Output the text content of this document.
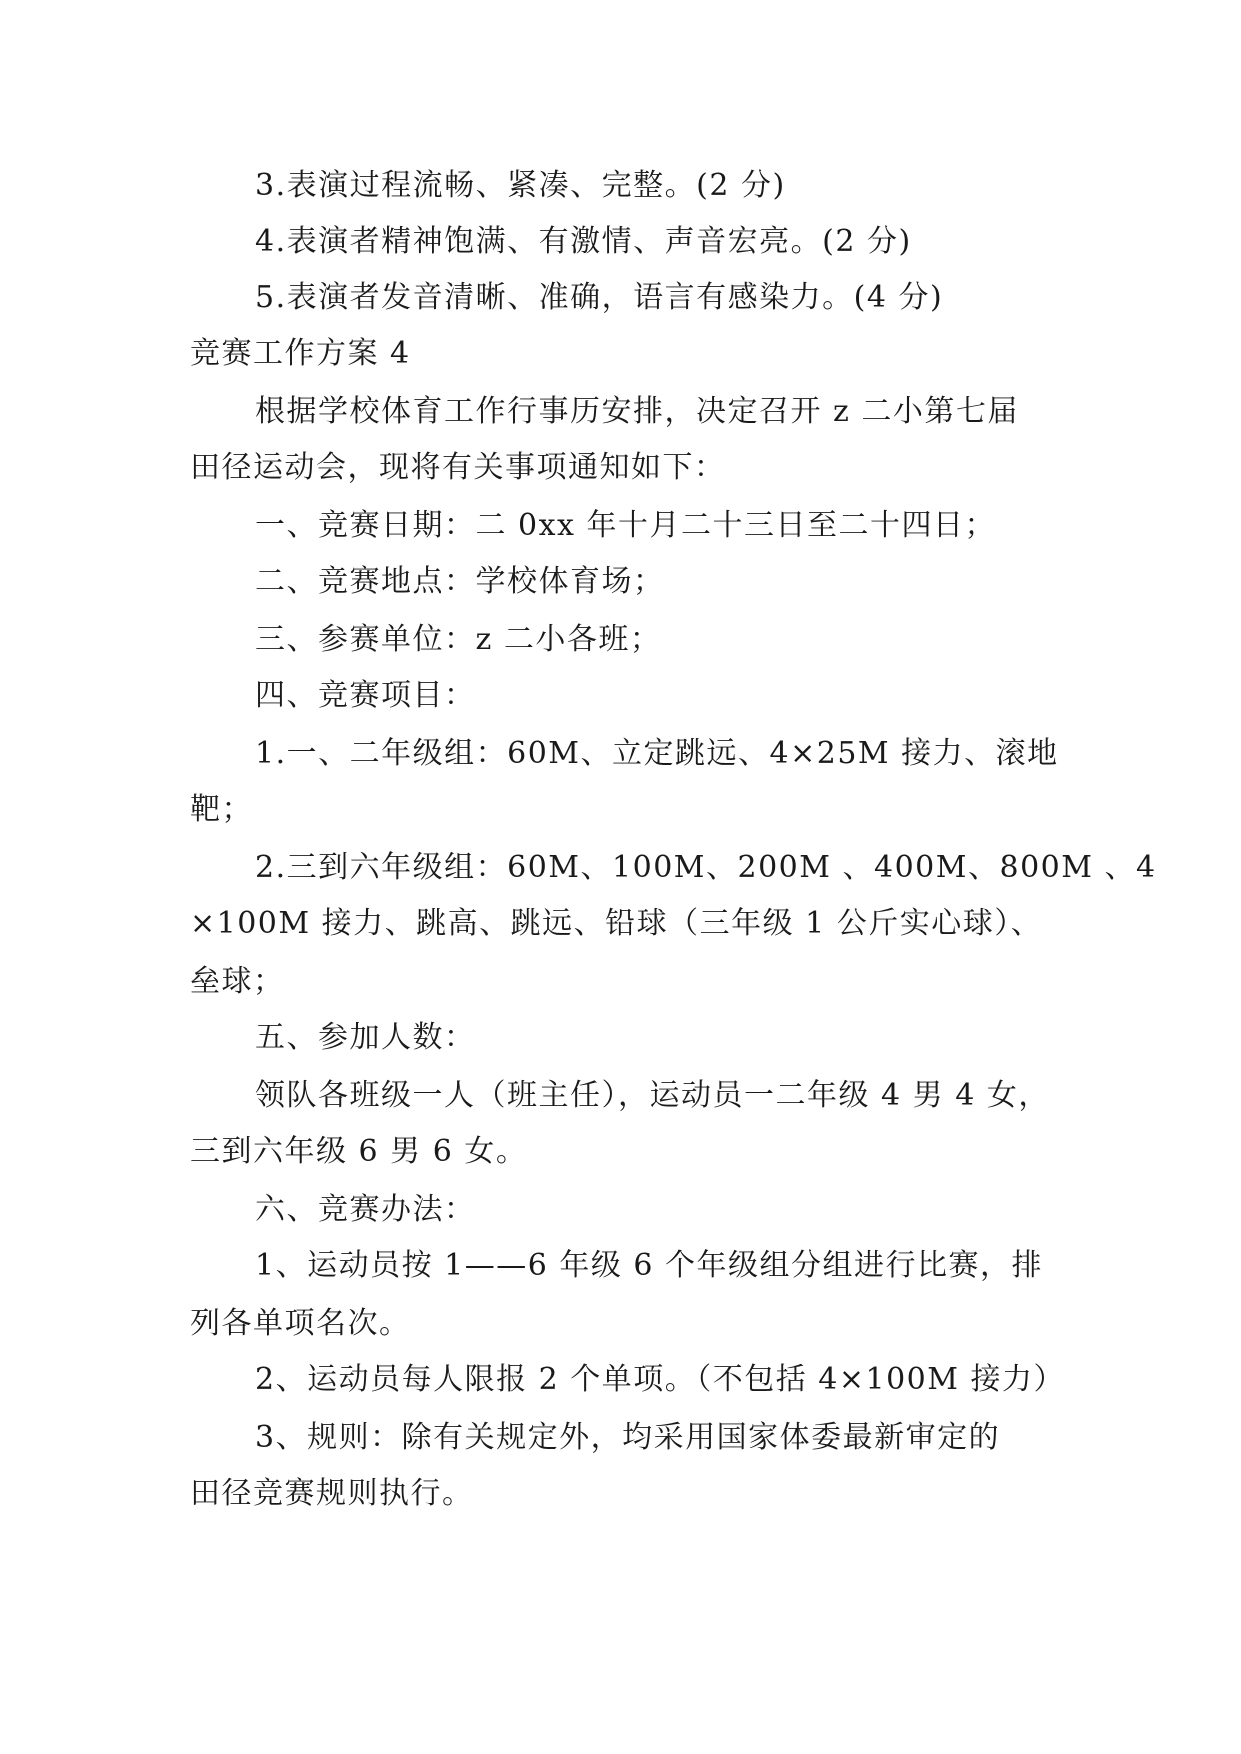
3.表演过程流畅、紧凑、完整。(2 分)
4.表演者精神饱满、有激情、声音宏亮。(2 分)
5.表演者发音清晰、准确，语言有感染力。(4 分)
竞赛工作方案 4
根据学校体育工作行事历安排，决定召开 z 二小第七届
田径运动会，现将有关事项通知如下：
一、竞赛日期：二 0xx 年十月二十三日至二十四日；
二、竞赛地点：学校体育场；
三、参赛单位：z 二小各班；
四、竞赛项目：
1.一、二年级组：60M、立定跳远、4×25M 接力、滚地
靶；
2.三到六年级组：60M、100M、200M 、400M、800M 、4
×100M 接力、跳高、跳远、铅球（三年级 1 公斤实心球）、
垒球；
五、参加人数：
领队各班级一人（班主任），运动员一二年级 4 男 4 女，
三到六年级 6 男 6 女。
六、竞赛办法：
1、运动员按 1——6 年级 6 个年级组分组进行比赛，排
列各单项名次。
2、运动员每人限报 2 个单项。（不包括 4×100M 接力）
3、规则：除有关规定外，均采用国家体委最新审定的
田径竞赛规则执行。
